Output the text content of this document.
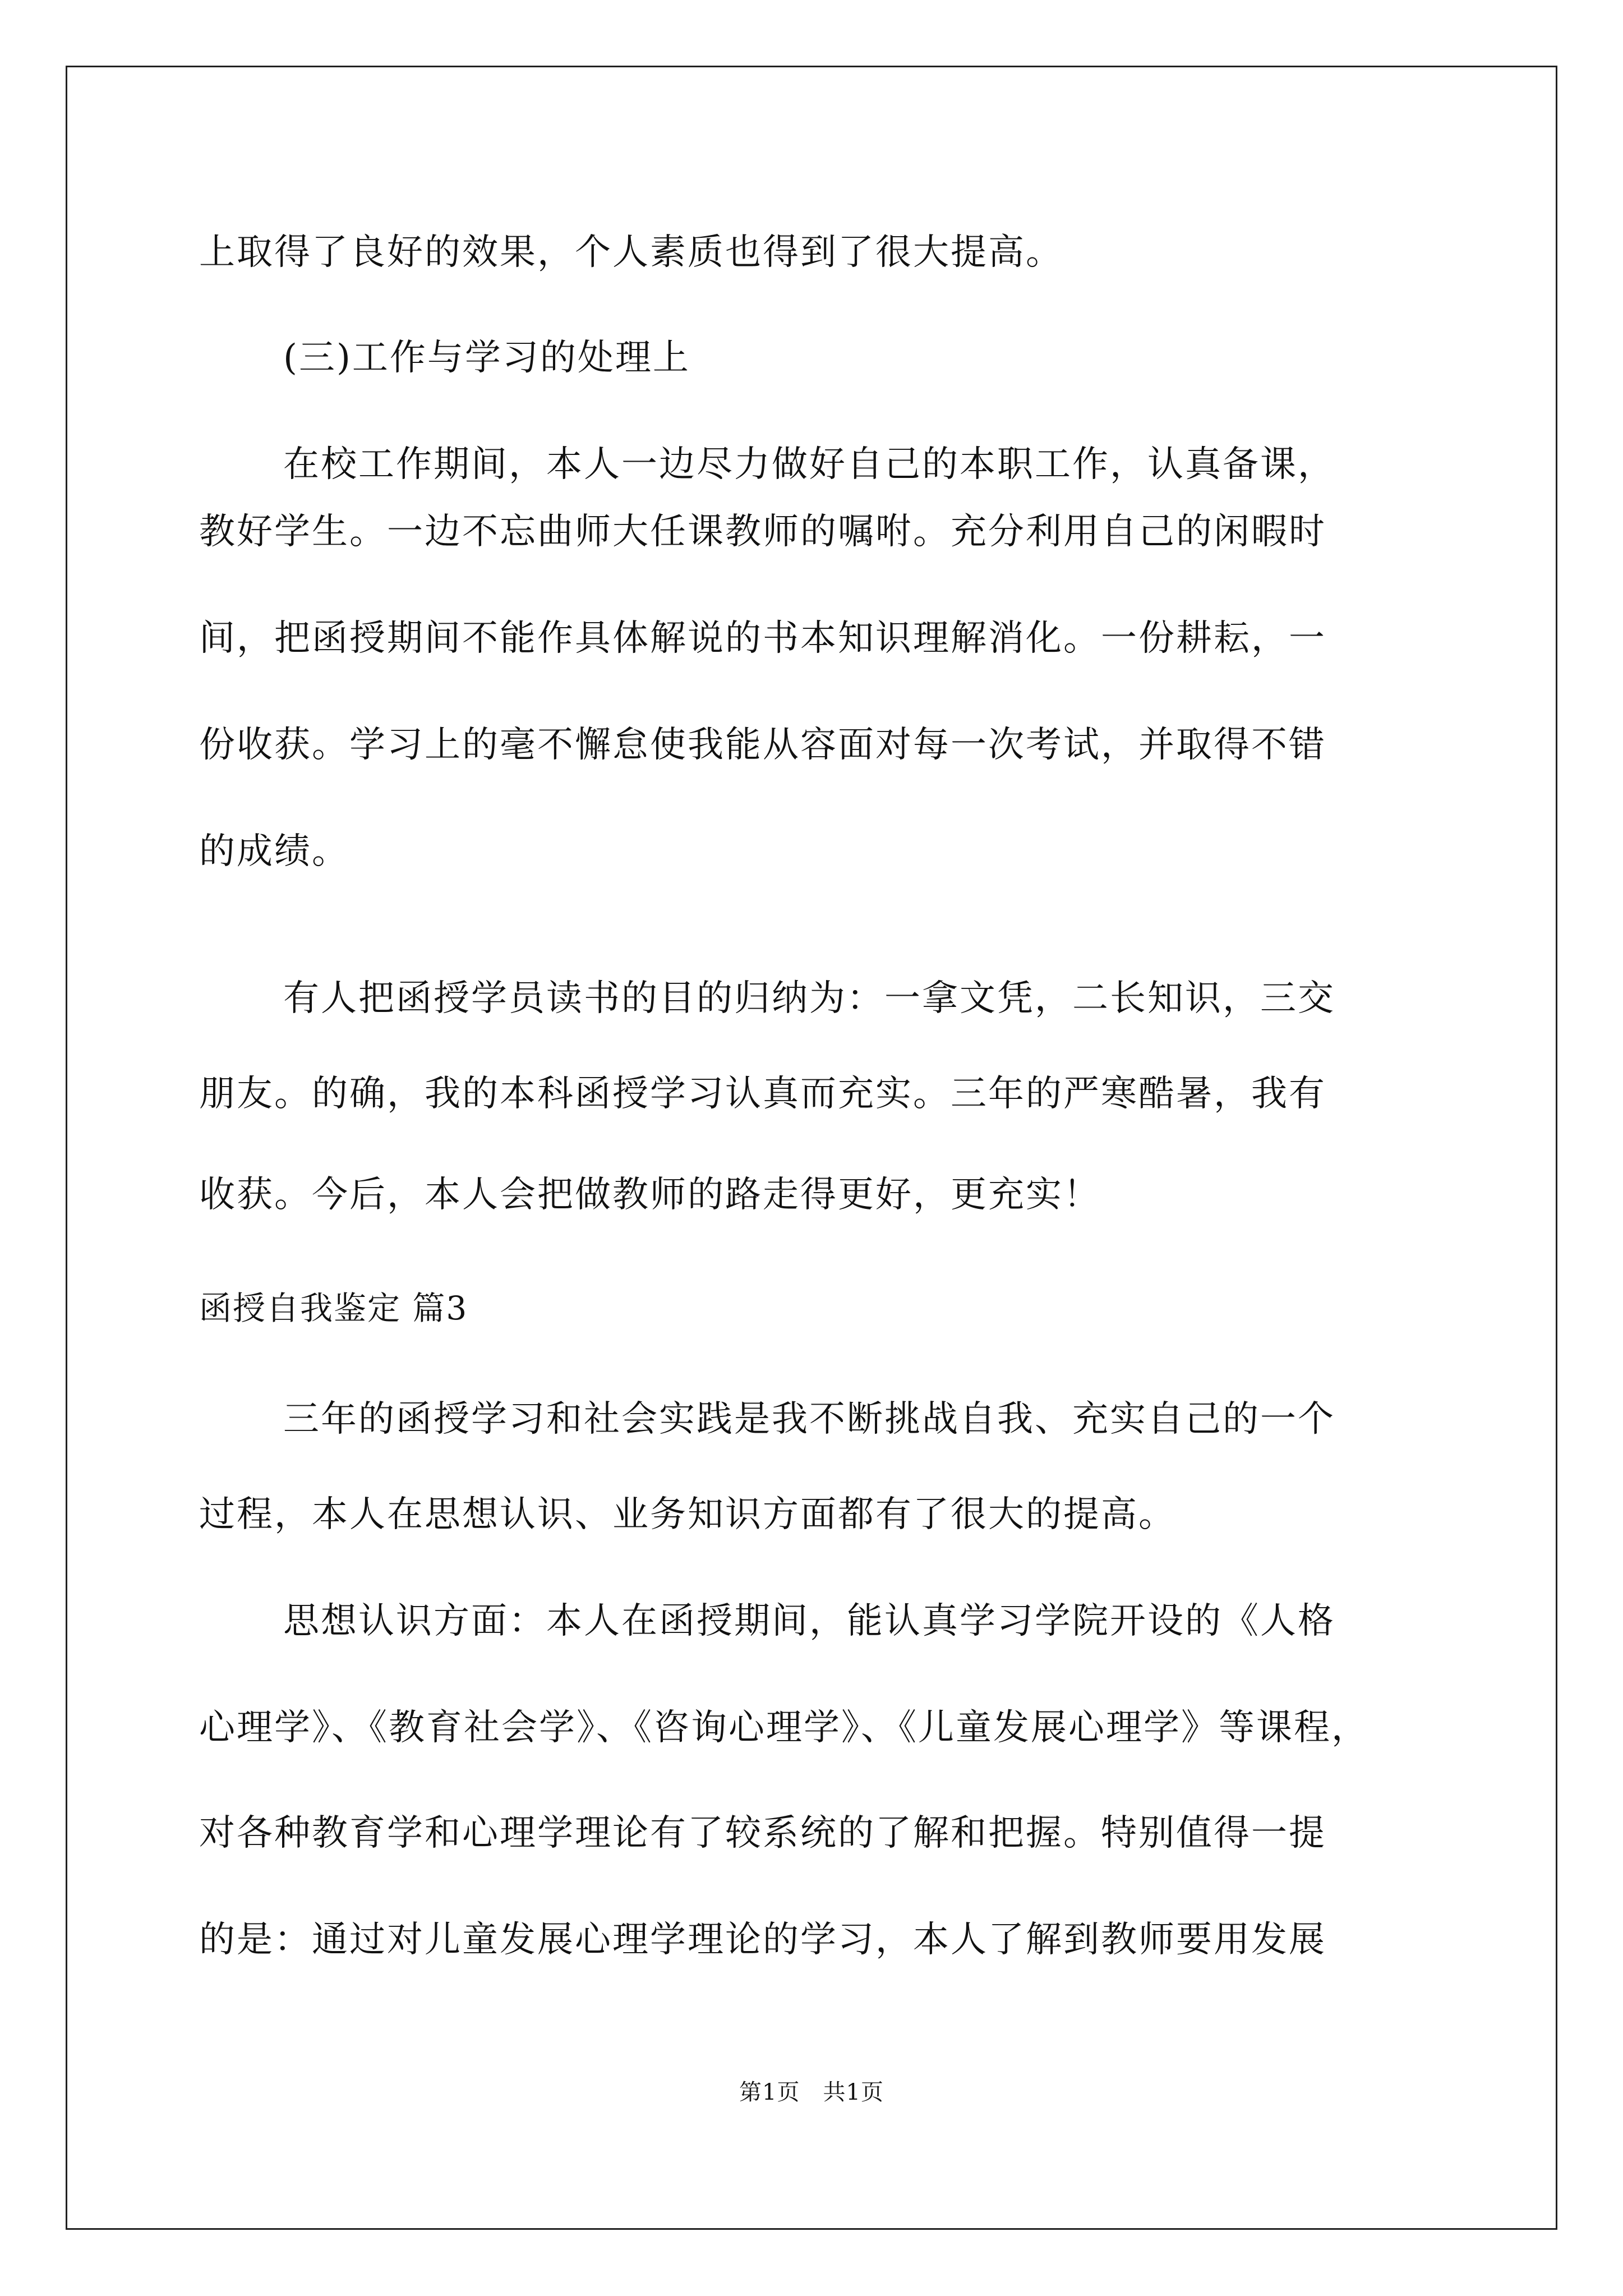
上取得了良好的效果，个人素质也得到了很大提高。
(三)工作与学习的处理上
在校工作期间，本人一边尽力做好自己的本职工作，认真备课，
教好学生。一边不忘曲师大任课教师的嘱咐。充分利用自己的闲暇时
间，把函授期间不能作具体解说的书本知识理解消化。一份耕耘，一
份收获。学习上的毫不懈怠使我能从容面对每一次考试，并取得不错
的成绩。
有人把函授学员读书的目的归纳为：一拿文凭，二长知识，三交
朋友。的确，我的本科函授学习认真而充实。三年的严寒酷暑，我有
收获。今后，本人会把做教师的路走得更好，更充实！
函授自我鉴定 篇3
三年的函授学习和社会实践是我不断挑战自我、充实自己的一个
过程，本人在思想认识、业务知识方面都有了很大的提高。
思想认识方面：本人在函授期间，能认真学习学院开设的《人格
心理学》、《教育社会学》、《咨询心理学》、《儿童发展心理学》等课程，
对各种教育学和心理学理论有了较系统的了解和把握。特别值得一提
的是：通过对儿童发展心理学理论的学习，本人了解到教师要用发展
第1页　共1页
